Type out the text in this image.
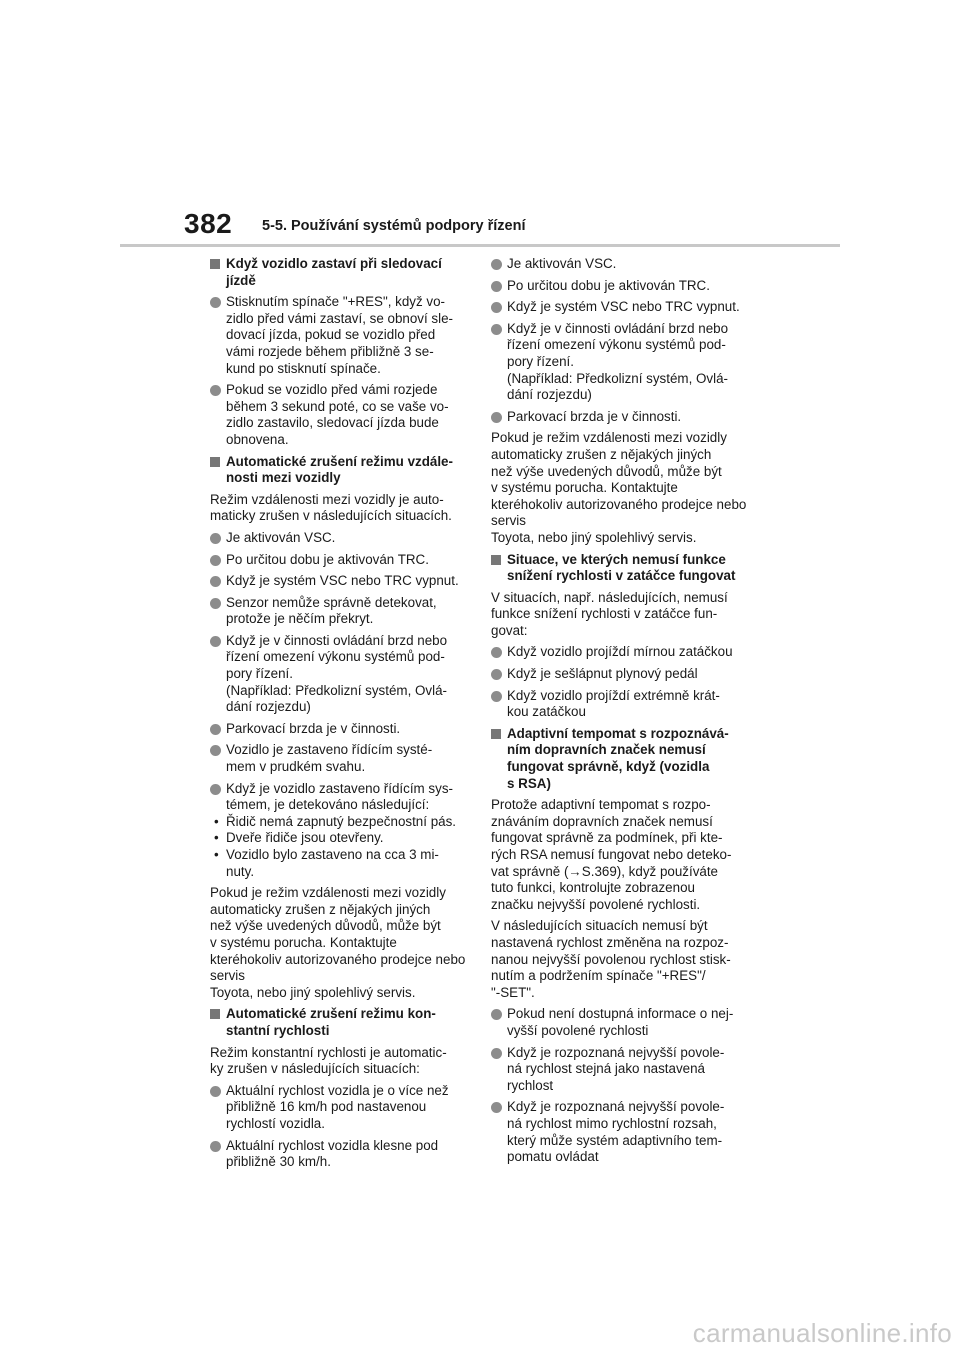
382 5-5. Používání systémů podpory řízení
Když vozidlo zastaví při sledovací
jízdě
Stisknutím spínače "+RES", když vo-
zidlo před vámi zastaví, se obnoví sle-
dovací jízda, pokud se vozidlo před
vámi rozjede během přibližně 3 se-
kund po stisknutí spínače.
Pokud se vozidlo před vámi rozjede
během 3 sekund poté, co se vaše vo-
zidlo zastavilo, sledovací jízda bude
obnovena.
Automatické zrušení režimu vzdále-
nosti mezi vozidly
Režim vzdálenosti mezi vozidly je auto-
maticky zrušen v následujících situacích.
Je aktivován VSC.
Po určitou dobu je aktivován TRC.
Když je systém VSC nebo TRC vypnut.
Senzor nemůže správně detekovat,
protože je něčím překryt.
Když je v činnosti ovládání brzd nebo
řízení omezení výkonu systémů pod-
pory řízení.
(Například: Předkolizní systém, Ovlá-
dání rozjezdu)
Parkovací brzda je v činnosti.
Vozidlo je zastaveno řídícím systé-
mem v prudkém svahu.
Když je vozidlo zastaveno řídícím sys-
témem, je detekováno následující:
• Řidič nemá zapnutý bezpečnostní pás.
• Dveře řidiče jsou otevřeny.
• Vozidlo bylo zastaveno na cca 3 mi-
nuty.
Pokud je režim vzdálenosti mezi vozidly
automaticky zrušen z nějakých jiných
než výše uvedených důvodů, může být
v systému porucha. Kontaktujte kteréhokoliv autorizovaného prodejce nebo servis
Toyota, nebo jiný spolehlivý servis.
Automatické zrušení režimu kon-
stantní rychlosti
Režim konstantní rychlosti je automatic-
ky zrušen v následujících situacích:
Aktuální rychlost vozidla je o více než
přibližně 16 km/h pod nastavenou
rychlostí vozidla.
Aktuální rychlost vozidla klesne pod
přibližně 30 km/h.
Je aktivován VSC.
Po určitou dobu je aktivován TRC.
Když je systém VSC nebo TRC vypnut.
Když je v činnosti ovládání brzd nebo
řízení omezení výkonu systémů pod-
pory řízení.
(Například: Předkolizní systém, Ovlá-
dání rozjezdu)
Parkovací brzda je v činnosti.
Pokud je režim vzdálenosti mezi vozidly
automaticky zrušen z nějakých jiných
než výše uvedených důvodů, může být
v systému porucha. Kontaktujte kteréhokoliv autorizovaného prodejce nebo servis
Toyota, nebo jiný spolehlivý servis.
Situace, ve kterých nemusí funkce
snížení rychlosti v zatáčce fungovat
V situacích, např. následujících, nemusí
funkce snížení rychlosti v zatáčce fun-
govat:
Když vozidlo projíždí mírnou zatáčkou
Když je sešlápnut plynový pedál
Když vozidlo projíždí extrémně krát-
kou zatáčkou
Adaptivní tempomat s rozpoznává-
ním dopravních značek nemusí
fungovat správně, když (vozidla
s RSA)
Protože adaptivní tempomat s rozpo-
znáváním dopravních značek nemusí
fungovat správně za podmínek, při kte-
rých RSA nemusí fungovat nebo deteko-
vat správně (→S.369), když používáte
tuto funkci, kontrolujte zobrazenou
značku nejvyšší povolené rychlosti.
V následujících situacích nemusí být
nastavená rychlost změněna na rozpoz-
nanou nejvyšší povolenou rychlost stisk-
nutím a podržením spínače "+RES"/
"-SET".
Pokud není dostupná informace o nej-
vyšší povolené rychlosti
Když je rozpoznaná nejvyšší povole-
ná rychlost stejná jako nastavená
rychlost
Když je rozpoznaná nejvyšší povole-
ná rychlost mimo rychlostní rozsah,
který může systém adaptivního tem-
pomatu ovládat
carmanualsonline.info
